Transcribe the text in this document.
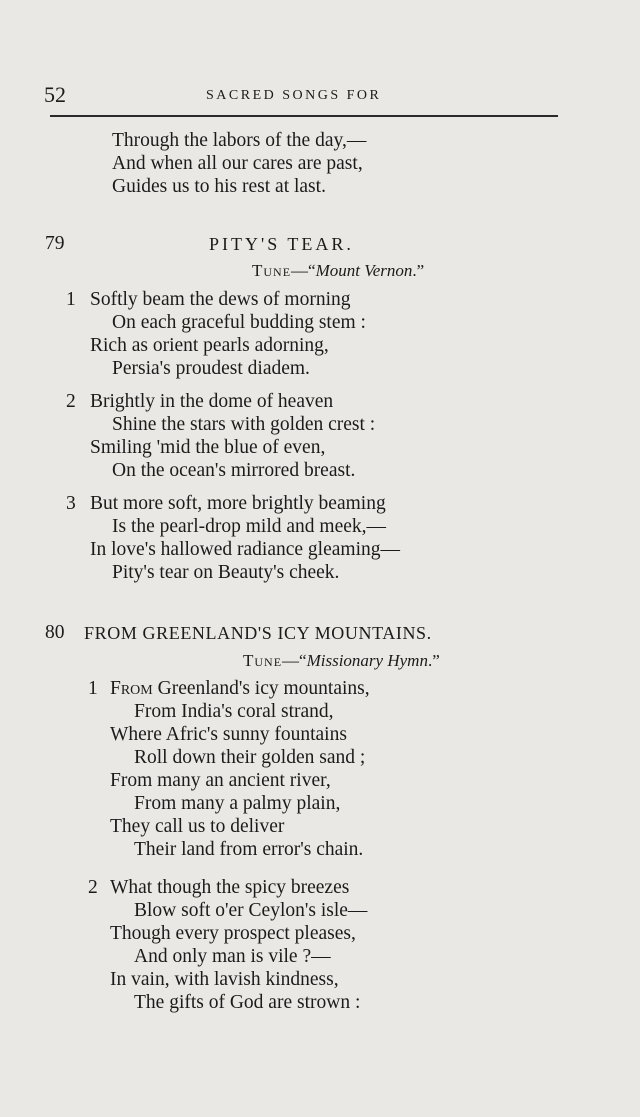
52	SACRED SONGS FOR
Through the labors of the day,—
And when all our cares are past,
Guides us to his rest at last.
79	PITY'S TEAR.
Tune—“Mount Vernon.”
1 Softly beam the dews of morning
On each graceful budding stem :
Rich as orient pearls adorning,
Persia's proudest diadem.
2 Brightly in the dome of heaven
Shine the stars with golden crest :
Smiling 'mid the blue of even,
On the ocean's mirrored breast.
3 But more soft, more brightly beaming
Is the pearl-drop mild and meek,—
In love's hallowed radiance gleaming—
Pity's tear on Beauty's cheek.
80 FROM GREENLAND'S ICY MOUNTAINS.
Tune—“Missionary Hymn.”
1 From Greenland's icy mountains,
From India's coral strand,
Where Afric's sunny fountains
Roll down their golden sand ;
From many an ancient river,
From many a palmy plain,
They call us to deliver
Their land from error's chain.
2 What though the spicy breezes
Blow soft o'er Ceylon's isle—
Though every prospect pleases,
And only man is vile ?—
In vain, with lavish kindness,
The gifts of God are strown :
